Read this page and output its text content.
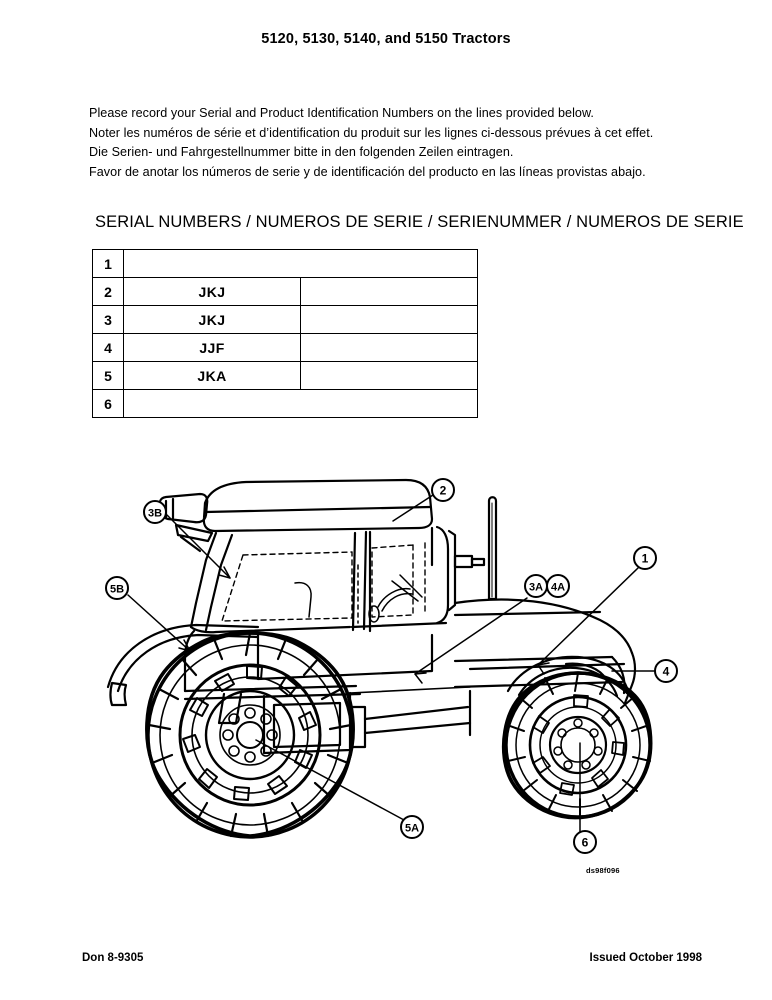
5120, 5130, 5140, and 5150 Tractors
Please record your Serial and Product Identification Numbers on the lines provided below.
Noter les numéros de série et d’identification du produit sur les lignes ci-dessous prévues à cet effet.
Die Serien- und Fahrgestellnummer bitte in den folgenden Zeilen eintragen.
Favor de anotar los números de serie y de identificación del producto en las líneas provistas abajo.
SERIAL NUMBERS / NUMEROS DE SERIE / SERIENUMMER / NUMEROS DE SERIE
1		
2	JKJ	
3	JKJ	
4	JJF	
5	JKA	
6		
3B
5B
2
1
3A 4A
4
5A
6
ds98f096
Don 8-9305	Issued October 1998
